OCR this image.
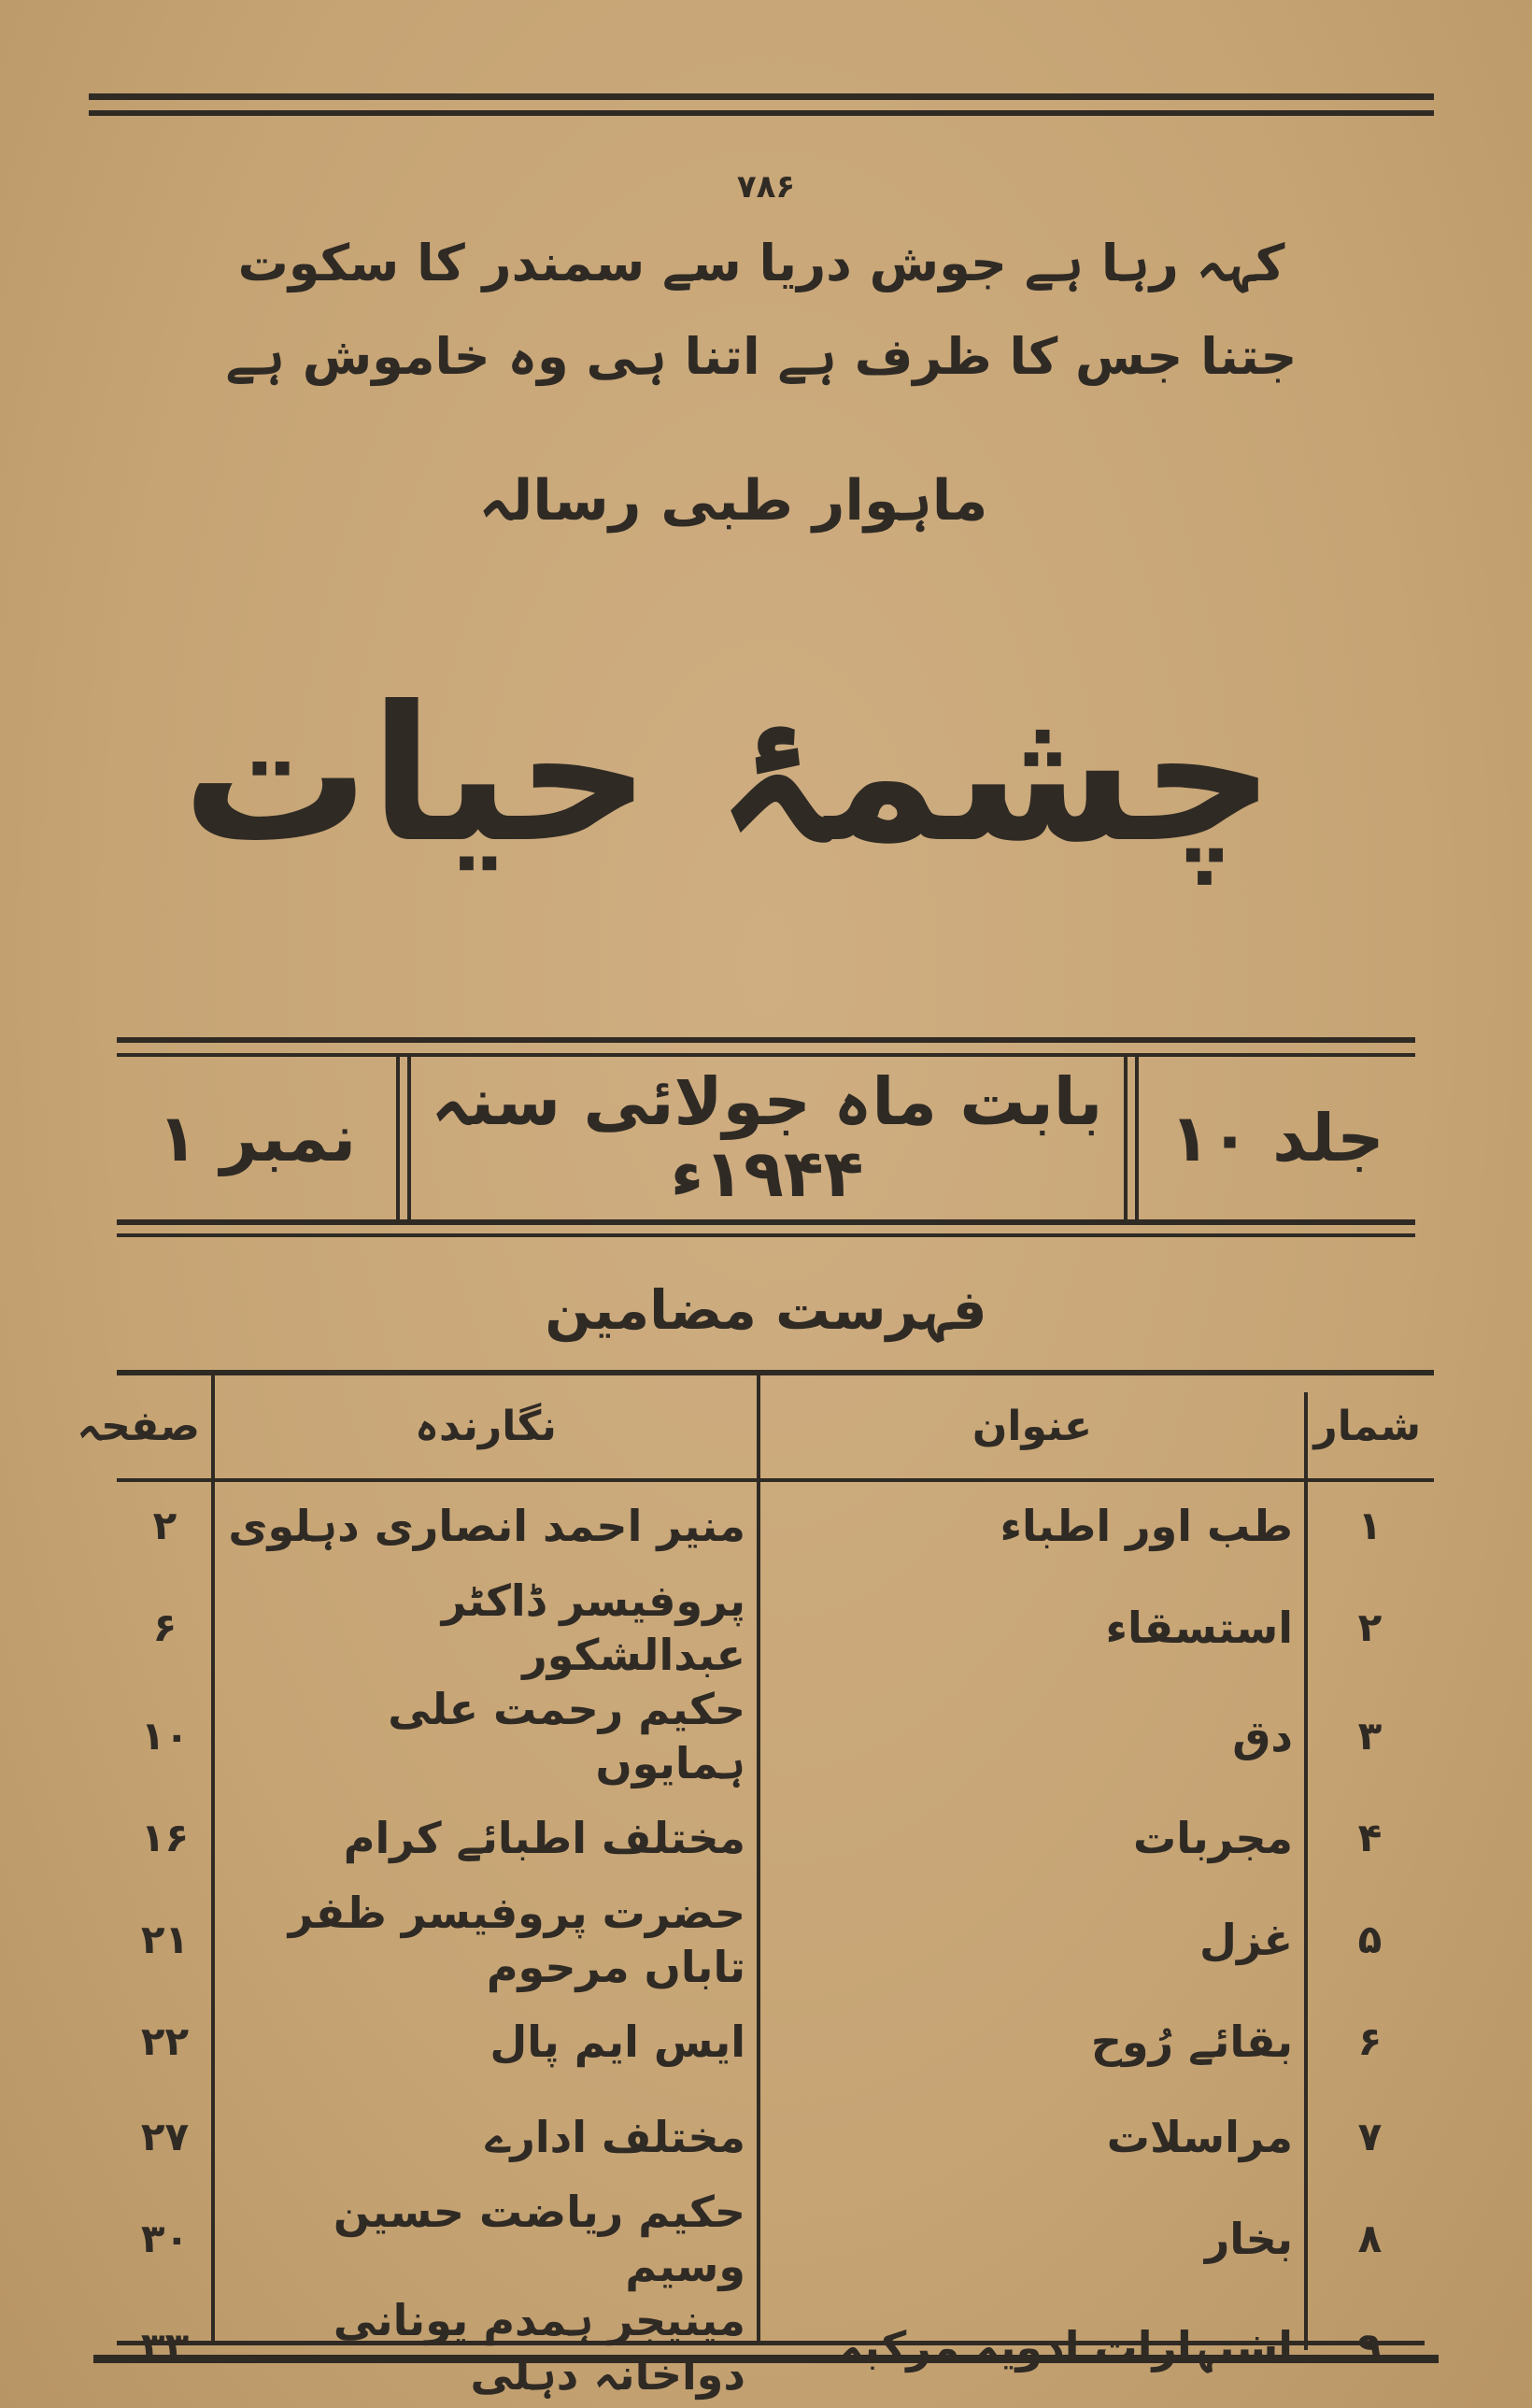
۷۸۶
کہہ رہا ہے جوش دریا سے سمندر کا سکوت
جتنا جس کا ظرف ہے اتنا ہی وہ خاموش ہے
ماہوار طبی رسالہ
چشمۂ حیات
نمبر ۱	بابت ماہ جولائی سنہ ۱۹۴۴ء	جلد ۱۰
فہرست مضامین
صفحہ	نگارندہ	عنوان	شمار
۲	منیر احمد انصاری دہلوی	طب اور اطباء	۱
۶	پروفیسر ڈاکٹر عبدالشکور	استسقاء	۲
۱۰	حکیم رحمت علی ہمایوں	دق	۳
۱۶	مختلف اطبائے کرام	مجربات	۴
۲۱	حضرت پروفیسر ظفر تاباں مرحوم	غزل	۵
۲۲	ایس ایم پال	بقائے رُوح	۶
۲۷	مختلف ادارے	مراسلات	۷
۳۰	حکیم ریاضت حسین وسیم	بخار	۸
۳۳	مینیجر ہمدم یونانی دواخانہ دہلی	اشتہارات ادویہ مرکبہ	۹
